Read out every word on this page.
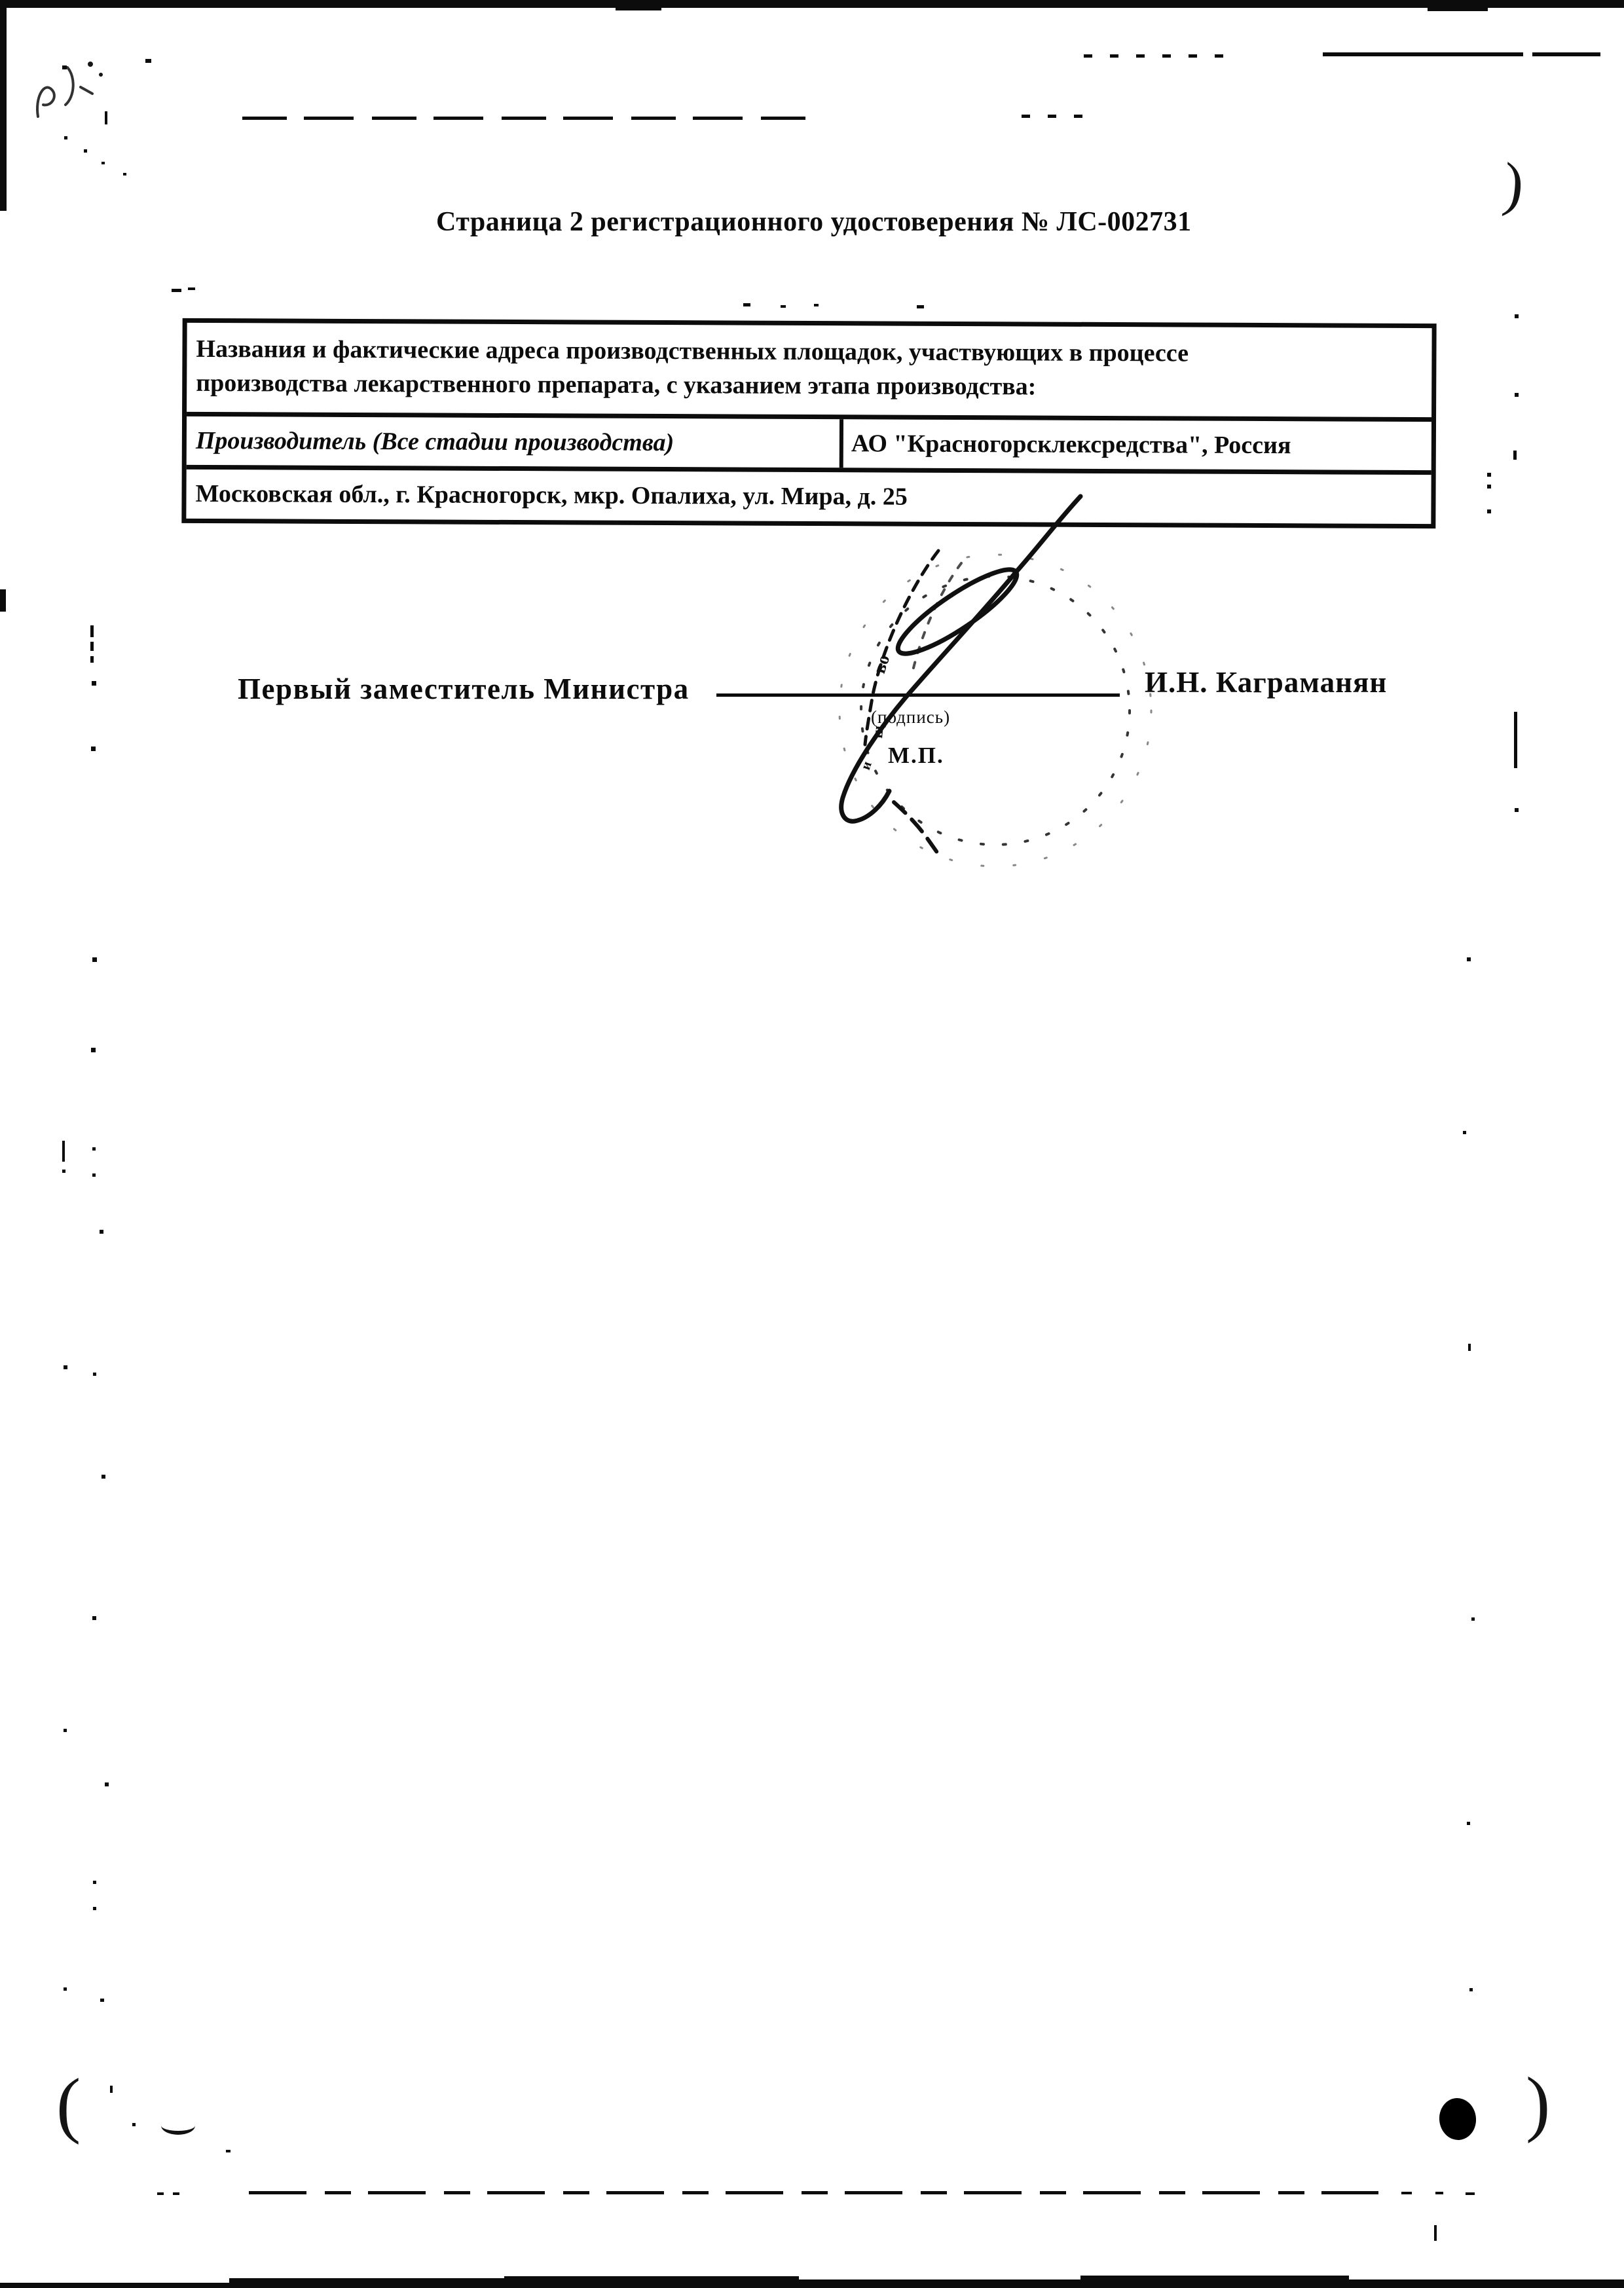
Страница 2 регистрационного удостоверения № ЛС-002731
Названия и фактические адреса производственных площадок, участвующих в процессе производства лекарственного препарата, с указанием этапа производства:
Производитель (Все стадии производства)	АО "Красногорсклексредства", Россия
Московская обл., г. Красногорск, мкр. Опалиха, ул. Мира, д. 25
Первый заместитель Министра
(подпись)
М.П.
И.Н. Каграманян
во
щ
и
)
(	)
